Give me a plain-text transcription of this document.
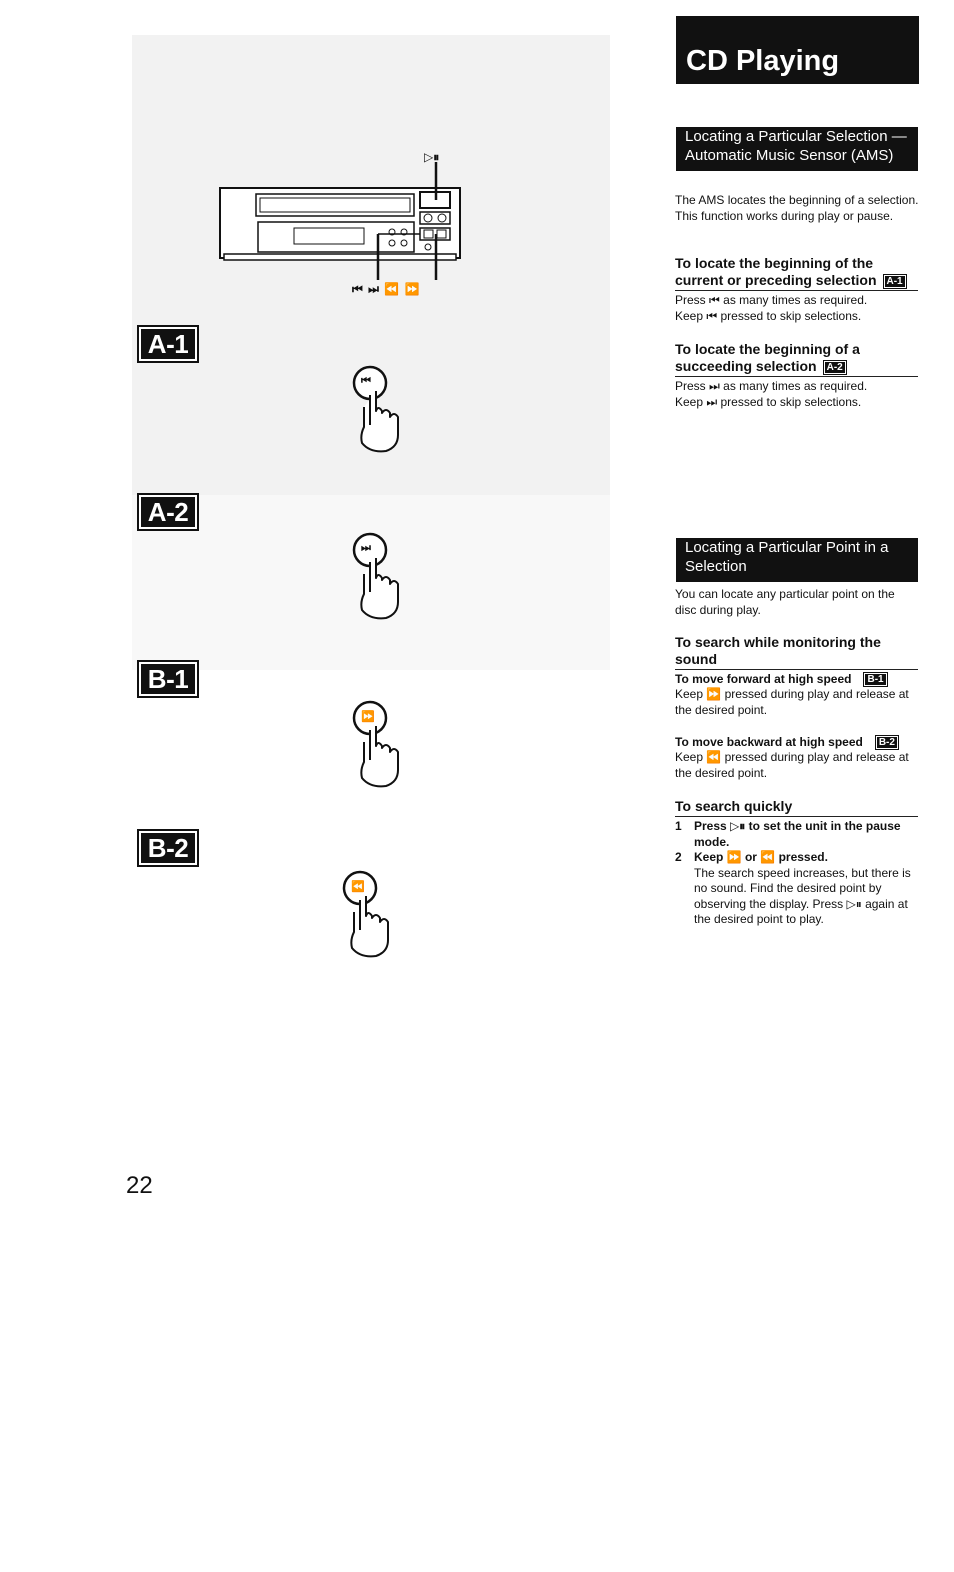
▷⏸
⏮ ⏭ ⏪ ⏩
A-1
A-2
B-1
B-2
⏮
⏭
⏩
⏪
22
CD Playing
Locating a Particular Selection — Automatic Music Sensor (AMS)

The AMS locates the beginning of a selection.

This function works during play or pause.

To locate the beginning of the current or preceding selection A-1

Press ⏮ as many times as required.

Keep ⏮ pressed to skip selections.

To locate the beginning of a succeeding selection A-2

Press ⏭ as many times as required.

Keep ⏭ pressed to skip selections.

Locating a Particular Point in a Selection

You can locate any particular point on the disc during play.

To search while monitoring the sound
To move forward at high speed B-1

Keep ⏩ pressed during play and release at the desired point.

To move backward at high speed B-2

Keep ⏪ pressed during play and release at the desired point.

To search quickly
1 Press ▷⏸ to set the unit in the pause mode.
2 Keep ⏩ or ⏪ pressed.

The search speed increases, but there is no sound. Find the desired point by observing the display. Press ▷⏸ again at the desired point to play.
